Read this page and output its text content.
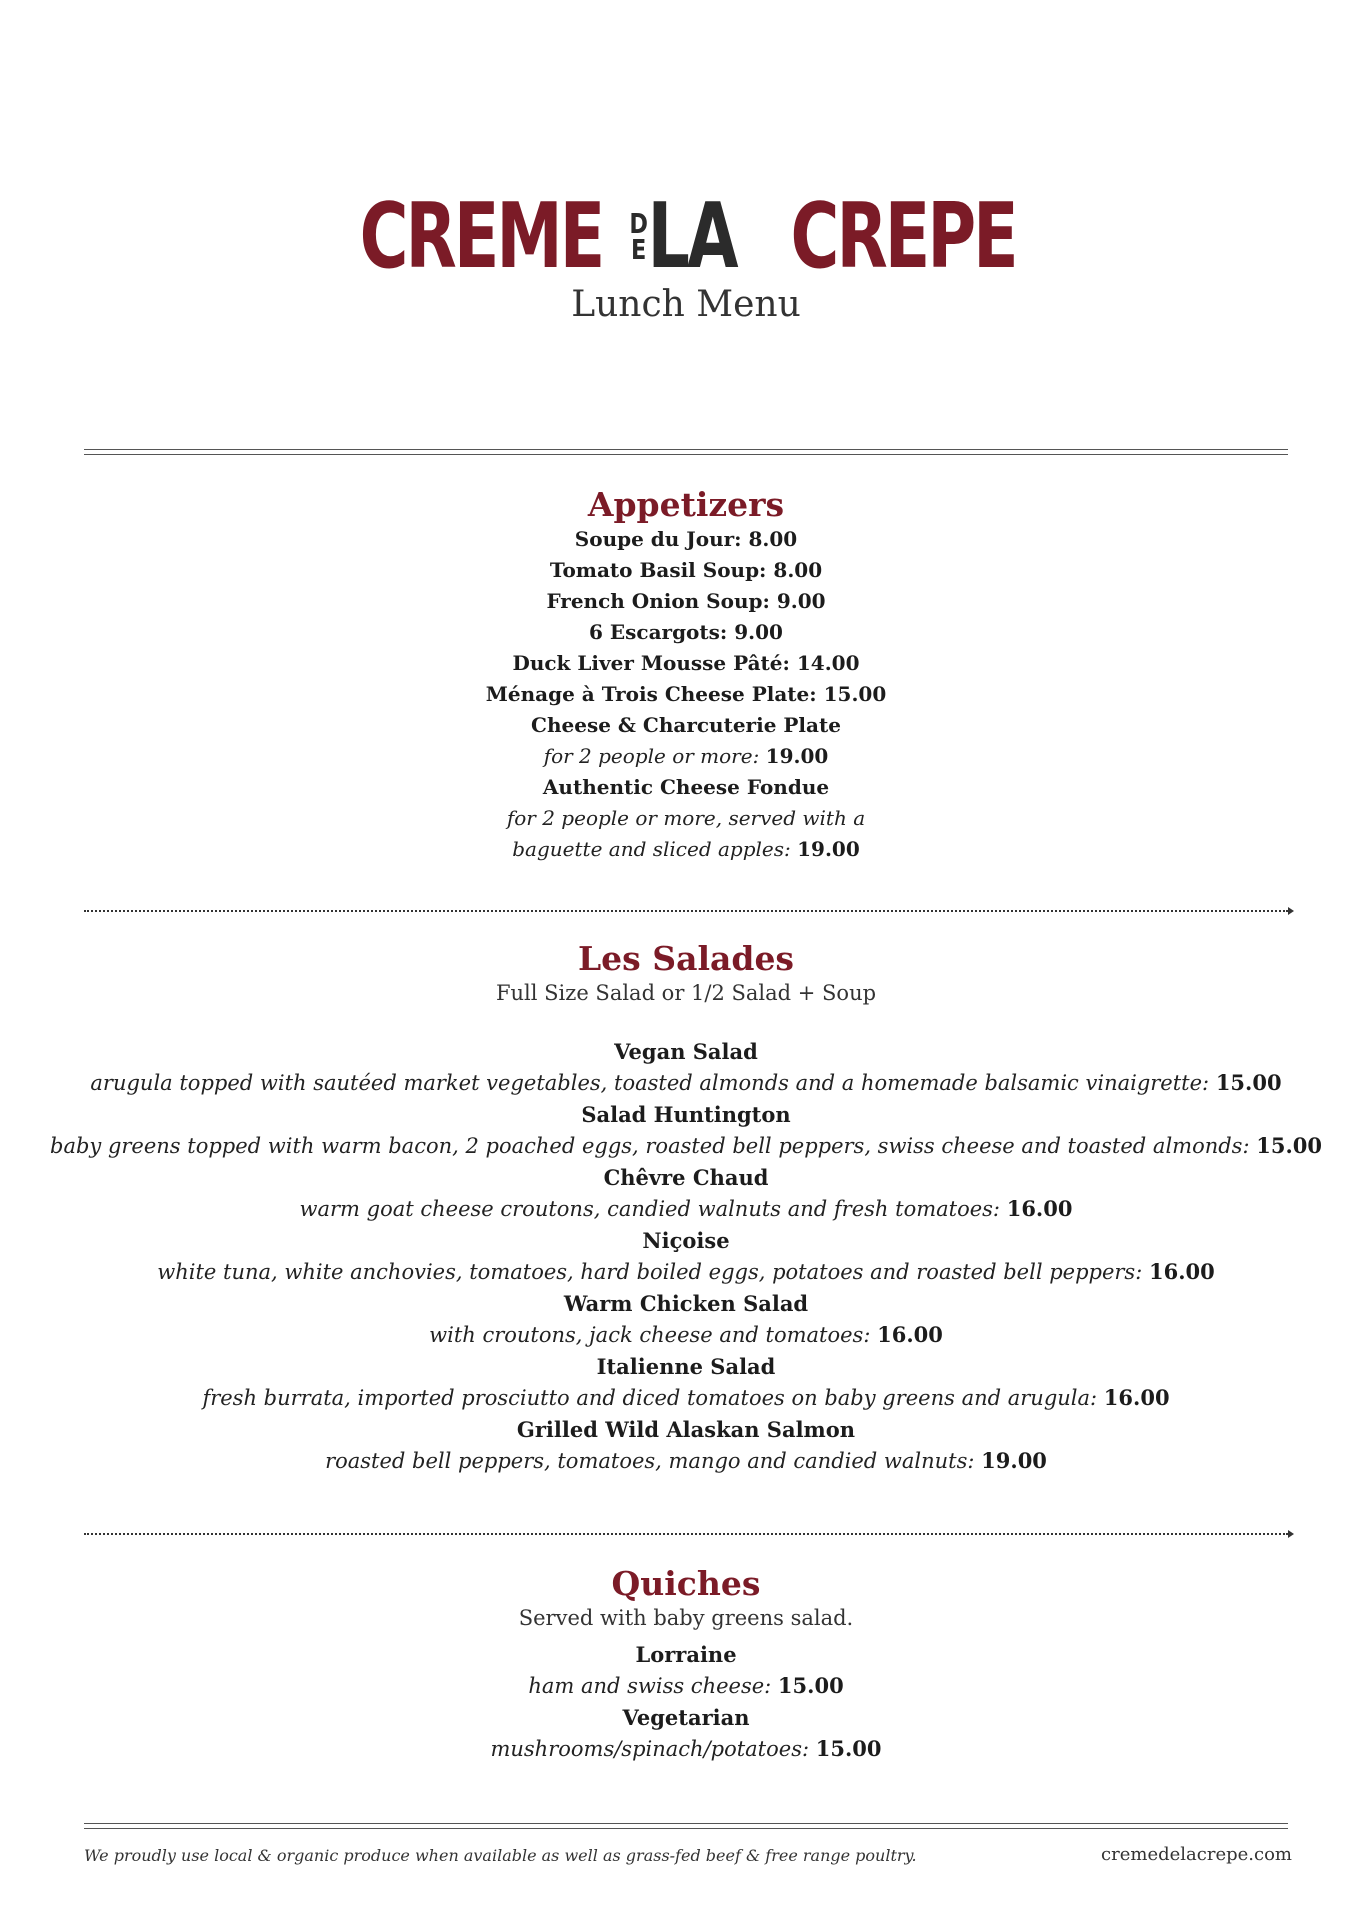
CREME D
E LA CREPE
Lunch Menu
Appetizers
Soupe du Jour: 8.00
Tomato Basil Soup: 8.00
French Onion Soup: 9.00
6 Escargots: 9.00
Duck Liver Mousse Pâté: 14.00
Ménage à Trois Cheese Plate: 15.00
Cheese & Charcuterie Plate
for 2 people or more: 19.00
Authentic Cheese Fondue
for 2 people or more, served with a
baguette and sliced apples: 19.00
Les Salades
Full Size Salad or 1/2 Salad + Soup
Vegan Salad
arugula topped with sautéed market vegetables, toasted almonds and a homemade balsamic vinaigrette: 15.00
Salad Huntington
baby greens topped with warm bacon, 2 poached eggs, roasted bell peppers, swiss cheese and toasted almonds: 15.00
Chêvre Chaud
warm goat cheese croutons, candied walnuts and fresh tomatoes: 16.00
Niçoise
white tuna, white anchovies, tomatoes, hard boiled eggs, potatoes and roasted bell peppers: 16.00
Warm Chicken Salad
with croutons, jack cheese and tomatoes: 16.00
Italienne Salad
fresh burrata, imported prosciutto and diced tomatoes on baby greens and arugula: 16.00
Grilled Wild Alaskan Salmon
roasted bell peppers, tomatoes, mango and candied walnuts: 19.00
Quiches
Served with baby greens salad.
Lorraine
ham and swiss cheese: 15.00
Vegetarian
mushrooms/spinach/potatoes: 15.00
We proudly use local & organic produce when available as well as grass-fed beef & free range poultry.	cremedelacrepe.com
